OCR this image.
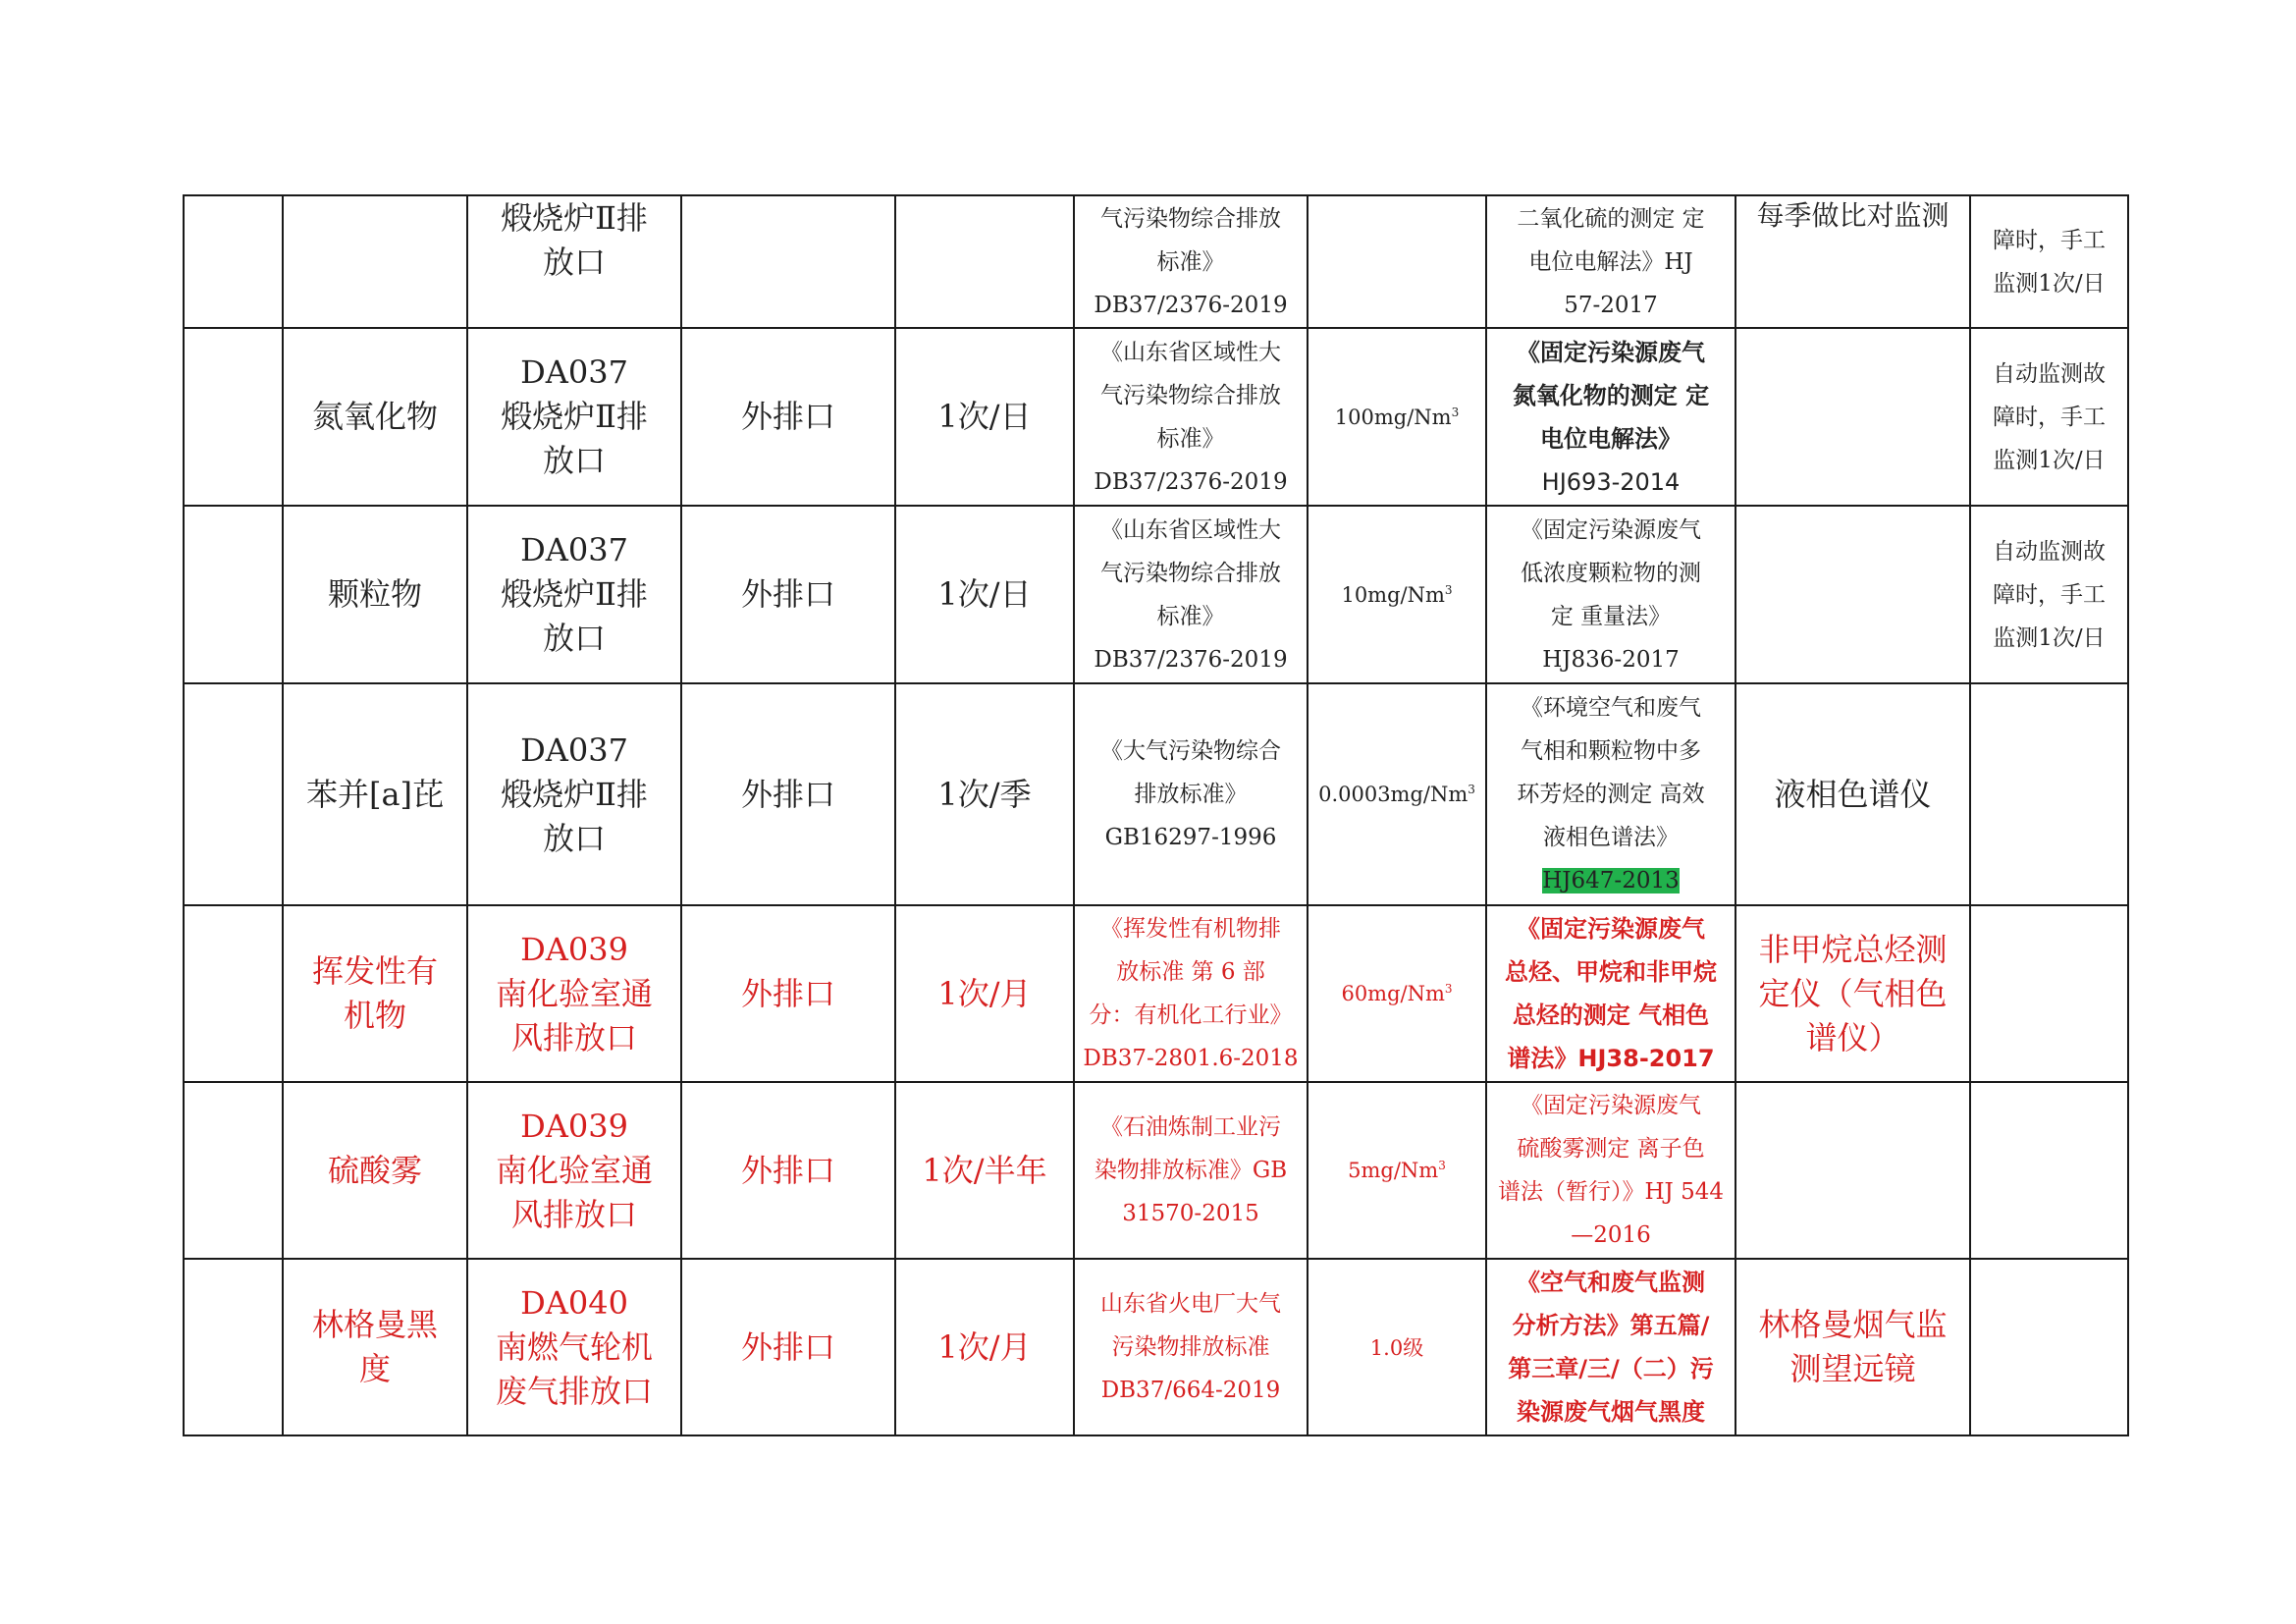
		煅烧炉Ⅱ排
放口			气污染物综合排放
标准》
DB37/2376-2019		二氧化硫的测定 定
电位电解法》HJ
57-2017	每季做比对监测	障时，手工
监测1次/日

	氮氧化物	DA037
煅烧炉Ⅱ排
放口	外排口	1次/日	《山东省区域性大
气污染物综合排放
标准》
DB37/2376-2019	100mg/Nm$^3$	《固定污染源废气
氮氧化物的测定 定
电位电解法》
HJ693-2014		自动监测故
障时，手工
监测1次/日

	颗粒物	DA037
煅烧炉Ⅱ排
放口	外排口	1次/日	《山东省区域性大
气污染物综合排放
标准》
DB37/2376-2019	10mg/Nm$^3$	《固定污染源废气
低浓度颗粒物的测
定 重量法》
HJ836-2017		自动监测故
障时，手工
监测1次/日

	苯并[a]芘	DA037
煅烧炉Ⅱ排
放口	外排口	1次/季	《大气污染物综合
排放标准》
GB16297-1996	0.0003mg/Nm$^3$	《环境空气和废气
气相和颗粒物中多
环芳烃的测定 高效
液相色谱法》
HJ647-2013	液相色谱仪	

	挥发性有
机物	DA039
南化验室通
风排放口	外排口	1次/月	《挥发性有机物排
放标准 第 6 部
分：有机化工行业》
DB37-2801.6-2018	60mg/Nm$^3$	《固定污染源废气
总烃、甲烷和非甲烷
总烃的测定 气相色
谱法》HJ38-2017	非甲烷总烃测
定仪（气相色
谱仪）	

	硫酸雾	DA039
南化验室通
风排放口	外排口	1次/半年	《石油炼制工业污
染物排放标准》GB
31570-2015	5mg/Nm$^3$	《固定污染源废气
硫酸雾测定 离子色
谱法（暂行）》HJ 544
—2016		

	林格曼黑
度	DA040
南燃气轮机
废气排放口	外排口	1次/月	山东省火电厂大气
污染物排放标准
DB37/664-2019	1.0级	《空气和废气监测
分析方法》第五篇/
第三章/三/（二）污
染源废气烟气黑度	林格曼烟气监
测望远镜	
